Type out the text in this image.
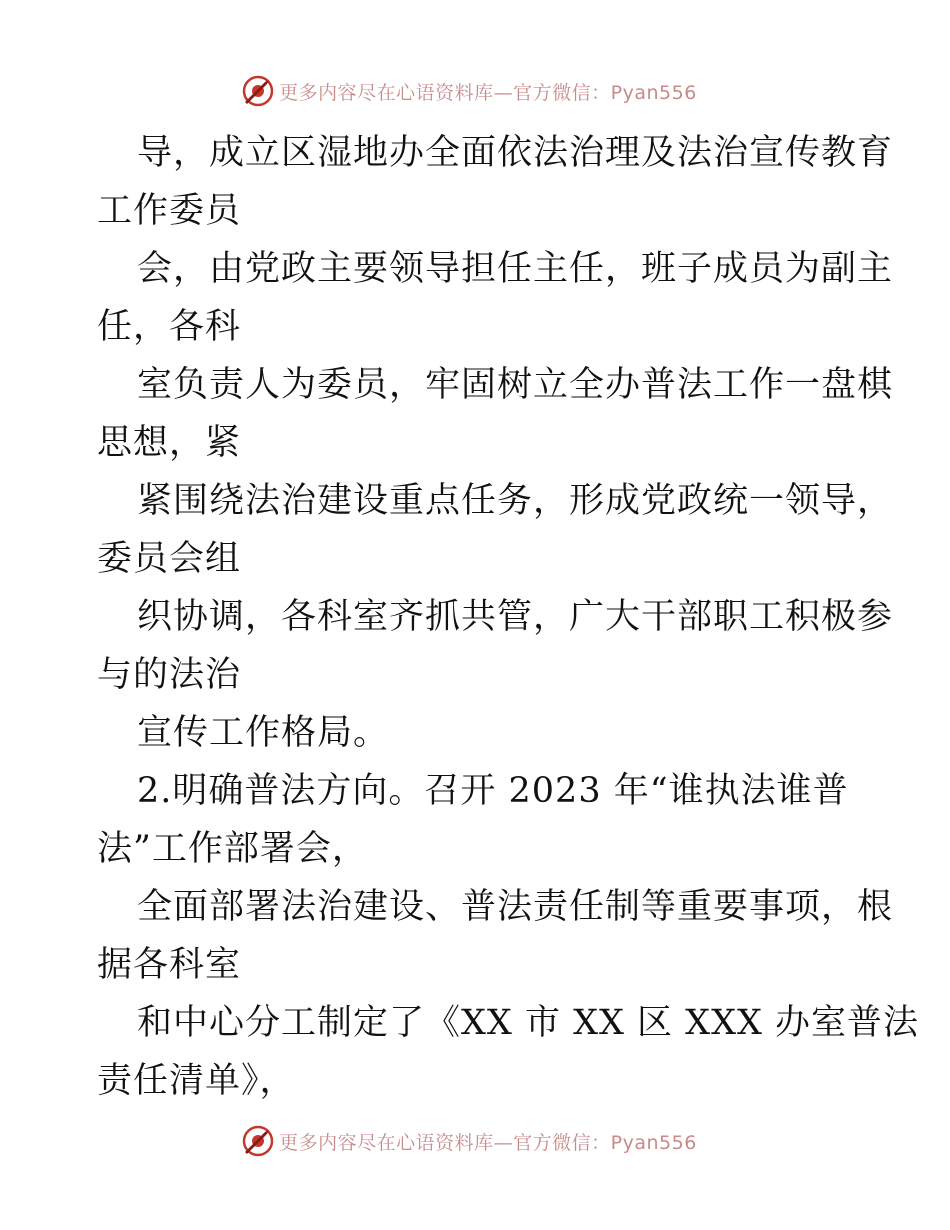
更多内容尽在心语资料库—官方微信：Pyan556
导，成立区湿地办全面依法治理及法治宣传教育
工作委员
会，由党政主要领导担任主任，班子成员为副主
任，各科
室负责人为委员，牢固树立全办普法工作一盘棋
思想，紧
紧围绕法治建设重点任务，形成党政统一领导，
委员会组
织协调，各科室齐抓共管，广大干部职工积极参
与的法治
宣传工作格局。
2.明确普法方向。召开 2023 年“谁执法谁普
法”工作部署会，
全面部署法治建设、普法责任制等重要事项，根
据各科室
和中心分工制定了《XX 市 XX 区 XXX 办室普法
责任清单》，
更多内容尽在心语资料库—官方微信：Pyan556
